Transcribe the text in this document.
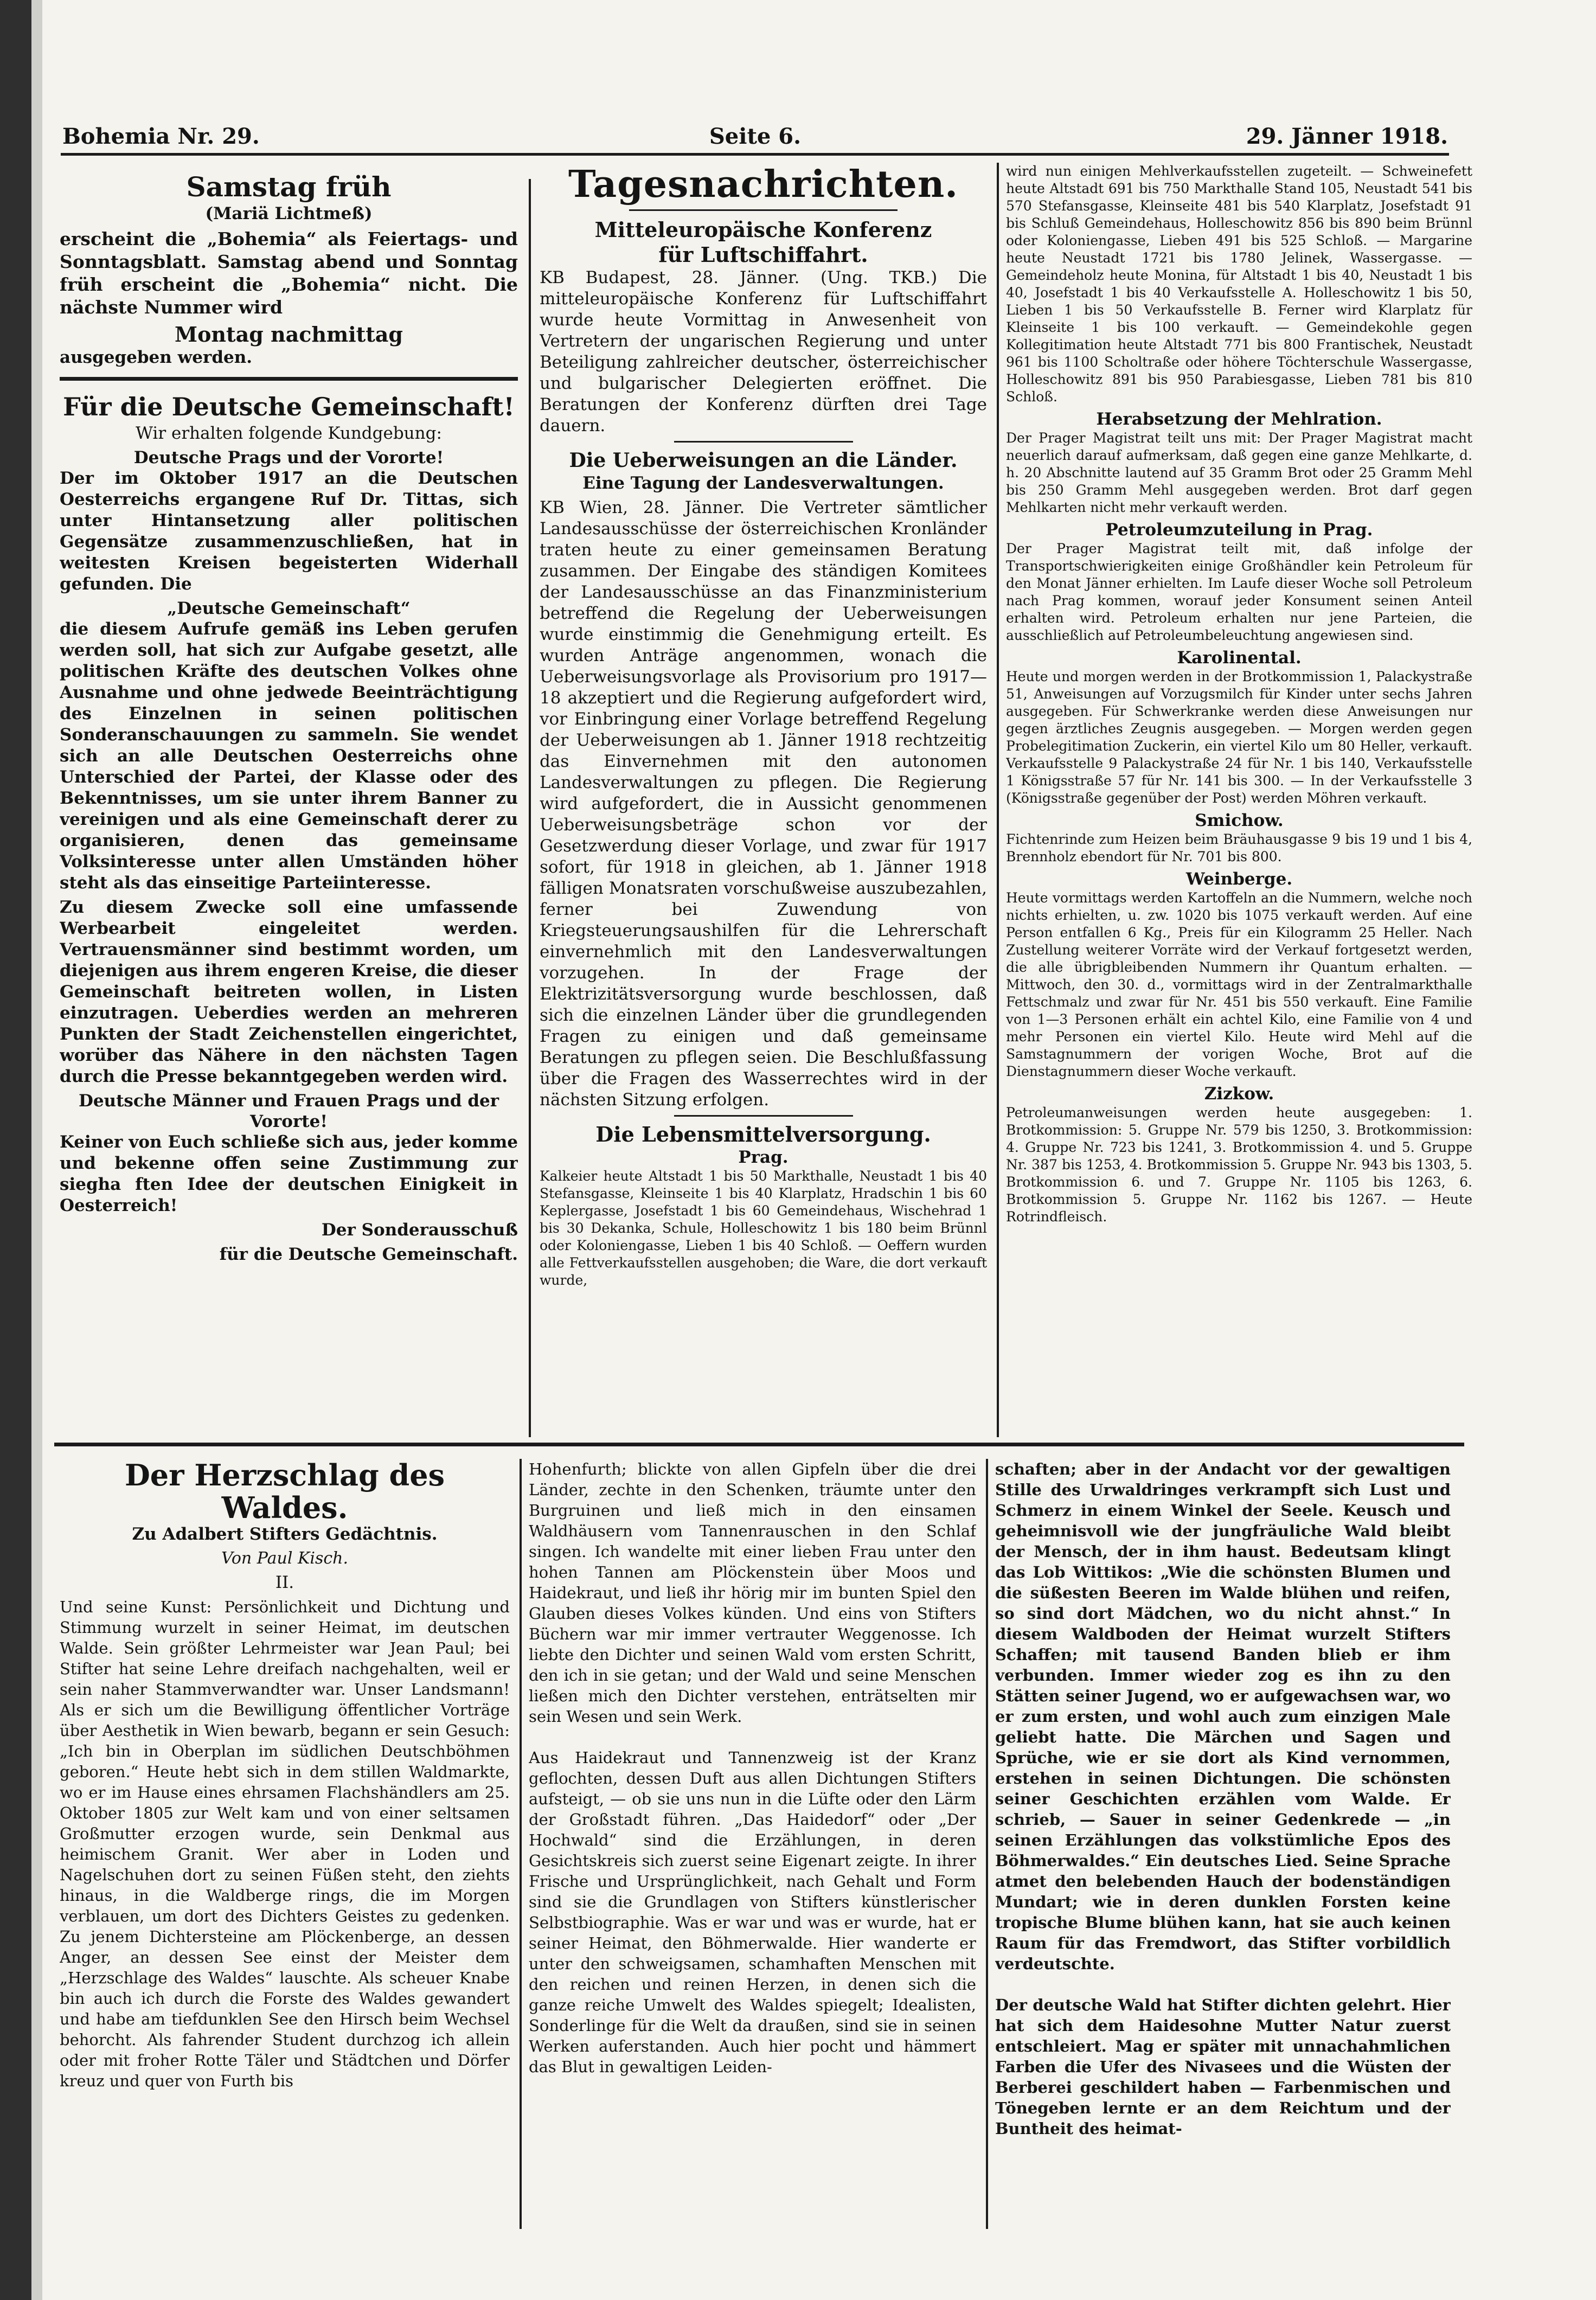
Bohemia Nr. 29.	Seite 6.	29. Jänner 1918.
Samstag früh

(Mariä Lichtmeß)

erscheint die „Bohemia“ als Feiertags- und Sonntagsblatt. Samstag abend und Sonntag früh erscheint die „Bohemia“ nicht. Die nächste Nummer wird

Montag nachmittag

ausgegeben werden.

Für die Deutsche Gemeinschaft!

Wir erhalten folgende Kundgebung:

Deutsche Prags und der Vororte!

Der im Oktober 1917 an die Deutschen Oesterreichs ergangene Ruf Dr. Tittas, sich unter Hintansetzung aller politischen Gegensätze zusammenzuschließen, hat in weitesten Kreisen begeisterten Widerhall gefunden. Die

„Deutsche Gemeinschaft“

die diesem Aufrufe gemäß ins Leben gerufen werden soll, hat sich zur Aufgabe gesetzt, alle politischen Kräfte des deutschen Volkes ohne Ausnahme und ohne jedwede Beeinträchtigung des Einzelnen in seinen politischen Sonderanschauungen zu sammeln. Sie wendet sich an alle Deutschen Oesterreichs ohne Unterschied der Partei, der Klasse oder des Bekenntnisses, um sie unter ihrem Banner zu vereinigen und als eine Gemeinschaft derer zu organisieren, denen das gemeinsame Volksinteresse unter allen Umständen höher steht als das einseitige Parteiinteresse.

Zu diesem Zwecke soll eine umfassende Werbearbeit eingeleitet werden. Vertrauensmänner sind bestimmt worden, um diejenigen aus ihrem engeren Kreise, die dieser Gemeinschaft beitreten wollen, in Listen einzutragen. Ueberdies werden an mehreren Punkten der Stadt Zeichenstellen eingerichtet, worüber das Nähere in den nächsten Tagen durch die Presse bekanntgegeben werden wird.

Deutsche Männer und Frauen Prags und der Vororte!

Keiner von Euch schließe sich aus, jeder komme und bekenne offen seine Zustimmung zur siegha ften Idee der deutschen Einigkeit in Oesterreich!

Der Sonderausschuß

für die Deutsche Gemeinschaft.

Tagesnachrichten.
Mitteleuropäische Konferenz
für Luftschiffahrt.

KB Budapest, 28. Jänner. (Ung. TKB.) Die mitteleuropäische Konferenz für Luftschiffahrt wurde heute Vormittag in Anwesenheit von Vertretern der ungarischen Regierung und unter Beteiligung zahlreicher deutscher, österreichischer und bulgarischer Delegierten eröffnet. Die Beratungen der Konferenz dürften drei Tage dauern.

Die Ueberweisungen an die Länder.

Eine Tagung der Landesverwaltungen.

KB Wien, 28. Jänner. Die Vertreter sämtlicher Landesausschüsse der österreichischen Kronländer traten heute zu einer gemeinsamen Beratung zusammen. Der Eingabe des ständigen Komitees der Landesausschüsse an das Finanzministerium betreffend die Regelung der Ueberweisungen wurde einstimmig die Genehmigung erteilt. Es wurden Anträge angenommen, wonach die Ueberweisungsvorlage als Provisorium pro 1917—18 akzeptiert und die Regierung aufgefordert wird, vor Einbringung einer Vorlage betreffend Regelung der Ueberweisungen ab 1. Jänner 1918 rechtzeitig das Einvernehmen mit den autonomen Landesverwaltungen zu pflegen. Die Regierung wird aufgefordert, die in Aussicht genommenen Ueberweisungsbeträge schon vor der Gesetzwerdung dieser Vorlage, und zwar für 1917 sofort, für 1918 in gleichen, ab 1. Jänner 1918 fälligen Monatsraten vorschußweise auszubezahlen, ferner bei Zuwendung von Kriegsteuerungsaushilfen für die Lehrerschaft einvernehmlich mit den Landesverwaltungen vorzugehen. In der Frage der Elektrizitätsversorgung wurde beschlossen, daß sich die einzelnen Länder über die grundlegenden Fragen zu einigen und daß gemeinsame Beratungen zu pflegen seien. Die Beschlußfassung über die Fragen des Wasserrechtes wird in der nächsten Sitzung erfolgen.

Die Lebensmittelversorgung.
Prag.

Kalkeier heute Altstadt 1 bis 50 Markthalle, Neustadt 1 bis 40 Stefansgasse, Kleinseite 1 bis 40 Klarplatz, Hradschin 1 bis 60 Keplergasse, Josefstadt 1 bis 60 Gemeindehaus, Wischehrad 1 bis 30 Dekanka, Schule, Holleschowitz 1 bis 180 beim Brünnl oder Koloniengasse, Lieben 1 bis 40 Schloß. — Oeffern wurden alle Fettverkaufsstellen ausgehoben; die Ware, die dort verkauft wurde,

wird nun einigen Mehlverkaufsstellen zugeteilt. — Schweinefett heute Altstadt 691 bis 750 Markthalle Stand 105, Neustadt 541 bis 570 Stefansgasse, Kleinseite 481 bis 540 Klarplatz, Josefstadt 91 bis Schluß Gemeindehaus, Holleschowitz 856 bis 890 beim Brünnl oder Koloniengasse, Lieben 491 bis 525 Schloß. — Margarine heute Neustadt 1721 bis 1780 Jelinek, Wassergasse. — Gemeindeholz heute Monina, für Altstadt 1 bis 40, Neustadt 1 bis 40, Josefstadt 1 bis 40 Verkaufsstelle A. Holleschowitz 1 bis 50, Lieben 1 bis 50 Verkaufsstelle B. Ferner wird Klarplatz für Kleinseite 1 bis 100 verkauft. — Gemeindekohle gegen Kollegitimation heute Altstadt 771 bis 800 Frantischek, Neustadt 961 bis 1100 Scholtraße oder höhere Töchterschule Wassergasse, Holleschowitz 891 bis 950 Parabiesgasse, Lieben 781 bis 810 Schloß.

Herabsetzung der Mehlration.

Der Prager Magistrat teilt uns mit: Der Prager Magistrat macht neuerlich darauf aufmerksam, daß gegen eine ganze Mehlkarte, d. h. 20 Abschnitte lautend auf 35 Gramm Brot oder 25 Gramm Mehl bis 250 Gramm Mehl ausgegeben werden. Brot darf gegen Mehlkarten nicht mehr verkauft werden.

Petroleumzuteilung in Prag.

Der Prager Magistrat teilt mit, daß infolge der Transportschwierigkeiten einige Großhändler kein Petroleum für den Monat Jänner erhielten. Im Laufe dieser Woche soll Petroleum nach Prag kommen, worauf jeder Konsument seinen Anteil erhalten wird. Petroleum erhalten nur jene Parteien, die ausschließlich auf Petroleumbeleuchtung angewiesen sind.

Karolinental.

Heute und morgen werden in der Brotkommission 1, Palackystraße 51, Anweisungen auf Vorzugsmilch für Kinder unter sechs Jahren ausgegeben. Für Schwerkranke werden diese Anweisungen nur gegen ärztliches Zeugnis ausgegeben. — Morgen werden gegen Probelegitimation Zuckerin, ein viertel Kilo um 80 Heller, verkauft. Verkaufsstelle 9 Palackystraße 24 für Nr. 1 bis 140, Verkaufsstelle 1 Königsstraße 57 für Nr. 141 bis 300. — In der Verkaufsstelle 3 (Königsstraße gegenüber der Post) werden Möhren verkauft.

Smichow.

Fichtenrinde zum Heizen beim Bräuhausgasse 9 bis 19 und 1 bis 4, Brennholz ebendort für Nr. 701 bis 800.

Weinberge.

Heute vormittags werden Kartoffeln an die Nummern, welche noch nichts erhielten, u. zw. 1020 bis 1075 verkauft werden. Auf eine Person entfallen 6 Kg., Preis für ein Kilogramm 25 Heller. Nach Zustellung weiterer Vorräte wird der Verkauf fortgesetzt werden, die alle übrigbleibenden Nummern ihr Quantum erhalten. — Mittwoch, den 30. d., vormittags wird in der Zentralmarkthalle Fettschmalz und zwar für Nr. 451 bis 550 verkauft. Eine Familie von 1—3 Personen erhält ein achtel Kilo, eine Familie von 4 und mehr Personen ein viertel Kilo. Heute wird Mehl auf die Samstagnummern der vorigen Woche, Brot auf die Dienstagnummern dieser Woche verkauft.

Zizkow.

Petroleumanweisungen werden heute ausgegeben: 1. Brotkommission: 5. Gruppe Nr. 579 bis 1250, 3. Brotkommission: 4. Gruppe Nr. 723 bis 1241, 3. Brotkommission 4. und 5. Gruppe Nr. 387 bis 1253, 4. Brotkommission 5. Gruppe Nr. 943 bis 1303, 5. Brotkommission 6. und 7. Gruppe Nr. 1105 bis 1263, 6. Brotkommission 5. Gruppe Nr. 1162 bis 1267. — Heute Rotrindfleisch.

Der Herzschlag des Waldes.

Zu Adalbert Stifters Gedächtnis.

Von Paul Kisch.

II.

Und seine Kunst: Persönlichkeit und Dichtung und Stimmung wurzelt in seiner Heimat, im deutschen Walde. Sein größter Lehrmeister war Jean Paul; bei Stifter hat seine Lehre dreifach nachgehalten, weil er sein naher Stammverwandter war. Unser Landsmann! Als er sich um die Bewilligung öffentlicher Vorträge über Aesthetik in Wien bewarb, begann er sein Gesuch: „Ich bin in Oberplan im südlichen Deutschböhmen geboren.“ Heute hebt sich in dem stillen Waldmarkte, wo er im Hause eines ehrsamen Flachshändlers am 25. Oktober 1805 zur Welt kam und von einer seltsamen Großmutter erzogen wurde, sein Denkmal aus heimischem Granit. Wer aber in Loden und Nagelschuhen dort zu seinen Füßen steht, den ziehts hinaus, in die Waldberge rings, die im Morgen verblauen, um dort des Dichters Geistes zu gedenken. Zu jenem Dichtersteine am Plöckenberge, an dessen Anger, an dessen See einst der Meister dem „Herzschlage des Waldes“ lauschte. Als scheuer Knabe bin auch ich durch die Forste des Waldes gewandert und habe am tiefdunklen See den Hirsch beim Wechsel behorcht. Als fahrender Student durchzog ich allein oder mit froher Rotte Täler und Städtchen und Dörfer kreuz und quer von Furth bis

Hohenfurth; blickte von allen Gipfeln über die drei Länder, zechte in den Schenken, träumte unter den Burgruinen und ließ mich in den einsamen Waldhäusern vom Tannenrauschen in den Schlaf singen. Ich wandelte mit einer lieben Frau unter den hohen Tannen am Plöckenstein über Moos und Haidekraut, und ließ ihr hörig mir im bunten Spiel den Glauben dieses Volkes künden. Und eins von Stifters Büchern war mir immer vertrauter Weggenosse. Ich liebte den Dichter und seinen Wald vom ersten Schritt, den ich in sie getan; und der Wald und seine Menschen ließen mich den Dichter verstehen, enträtselten mir sein Wesen und sein Werk.

Aus Haidekraut und Tannenzweig ist der Kranz geflochten, dessen Duft aus allen Dichtungen Stifters aufsteigt, — ob sie uns nun in die Lüfte oder den Lärm der Großstadt führen. „Das Haidedorf“ oder „Der Hochwald“ sind die Erzählungen, in deren Gesichtskreis sich zuerst seine Eigenart zeigte. In ihrer Frische und Ursprünglichkeit, nach Gehalt und Form sind sie die Grundlagen von Stifters künstlerischer Selbstbiographie. Was er war und was er wurde, hat er seiner Heimat, den Böhmerwalde. Hier wanderte er unter den schweigsamen, schamhaften Menschen mit den reichen und reinen Herzen, in denen sich die ganze reiche Umwelt des Waldes spiegelt; Idealisten, Sonderlinge für die Welt da draußen, sind sie in seinen Werken auferstanden. Auch hier pocht und hämmert das Blut in gewaltigen Leiden-

schaften; aber in der Andacht vor der gewaltigen Stille des Urwaldringes verkrampft sich Lust und Schmerz in einem Winkel der Seele. Keusch und geheimnisvoll wie der jungfräuliche Wald bleibt der Mensch, der in ihm haust. Bedeutsam klingt das Lob Wittikos: „Wie die schönsten Blumen und die süßesten Beeren im Walde blühen und reifen, so sind dort Mädchen, wo du nicht ahnst.“ In diesem Waldboden der Heimat wurzelt Stifters Schaffen; mit tausend Banden blieb er ihm verbunden. Immer wieder zog es ihn zu den Stätten seiner Jugend, wo er aufgewachsen war, wo er zum ersten, und wohl auch zum einzigen Male geliebt hatte. Die Märchen und Sagen und Sprüche, wie er sie dort als Kind vernommen, erstehen in seinen Dichtungen. Die schönsten seiner Geschichten erzählen vom Walde. Er schrieb, — Sauer in seiner Gedenkrede — „in seinen Erzählungen das volkstümliche Epos des Böhmerwaldes.“ Ein deutsches Lied. Seine Sprache atmet den belebenden Hauch der bodenständigen Mundart; wie in deren dunklen Forsten keine tropische Blume blühen kann, hat sie auch keinen Raum für das Fremdwort, das Stifter vorbildlich verdeutschte.

Der deutsche Wald hat Stifter dichten gelehrt. Hier hat sich dem Haidesohne Mutter Natur zuerst entschleiert. Mag er später mit unnachahmlichen Farben die Ufer des Nivasees und die Wüsten der Berberei geschildert haben — Farbenmischen und Tönegeben lernte er an dem Reichtum und der Buntheit des heimat-
